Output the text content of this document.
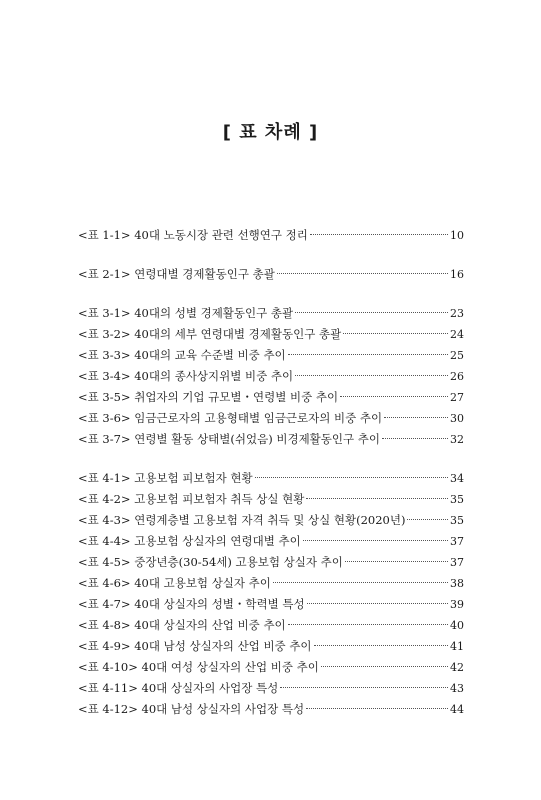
[ 표 차례 ]
<표 1-1> 40대 노동시장 관련 선행연구 정리	10
<표 2-1> 연령대별 경제활동인구 총괄	16
<표 3-1> 40대의 성별 경제활동인구 총괄	23
<표 3-2> 40대의 세부 연령대별 경제활동인구 총괄	24
<표 3-3> 40대의 교육 수준별 비중 추이	25
<표 3-4> 40대의 종사상지위별 비중 추이	26
<표 3-5> 취업자의 기업 규모별・연령별 비중 추이	27
<표 3-6> 임금근로자의 고용형태별 임금근로자의 비중 추이	30
<표 3-7> 연령별 활동 상태별(쉬었음) 비경제활동인구 추이	32
<표 4-1> 고용보험 피보험자 현황	34
<표 4-2> 고용보험 피보험자 취득 상실 현황	35
<표 4-3> 연령계층별 고용보험 자격 취득 및 상실 현황(2020년)	35
<표 4-4> 고용보험 상실자의 연령대별 추이	37
<표 4-5> 중장년층(30-54세) 고용보험 상실자 추이	37
<표 4-6> 40대 고용보험 상실자 추이	38
<표 4-7> 40대 상실자의 성별・학력별 특성	39
<표 4-8> 40대 상실자의 산업 비중 추이	40
<표 4-9> 40대 남성 상실자의 산업 비중 추이	41
<표 4-10> 40대 여성 상실자의 산업 비중 추이	42
<표 4-11> 40대 상실자의 사업장 특성	43
<표 4-12> 40대 남성 상실자의 사업장 특성	44
